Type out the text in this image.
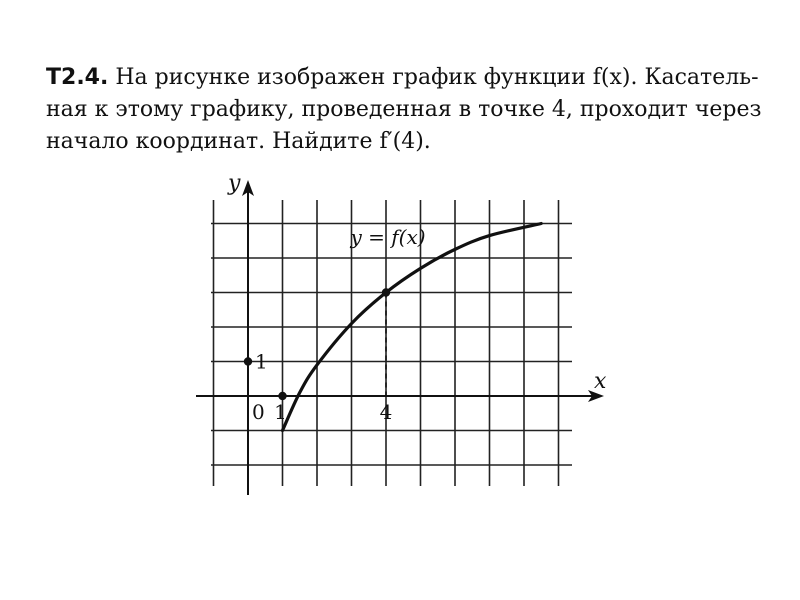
Т2.4. На рисунке изображен график функции f(x). Касатель-
ная к этому графику, проведенная в точке 4, проходит через
начало координат. Найдите f′(4).
y
x
y = f(x)
0 1	4
1
